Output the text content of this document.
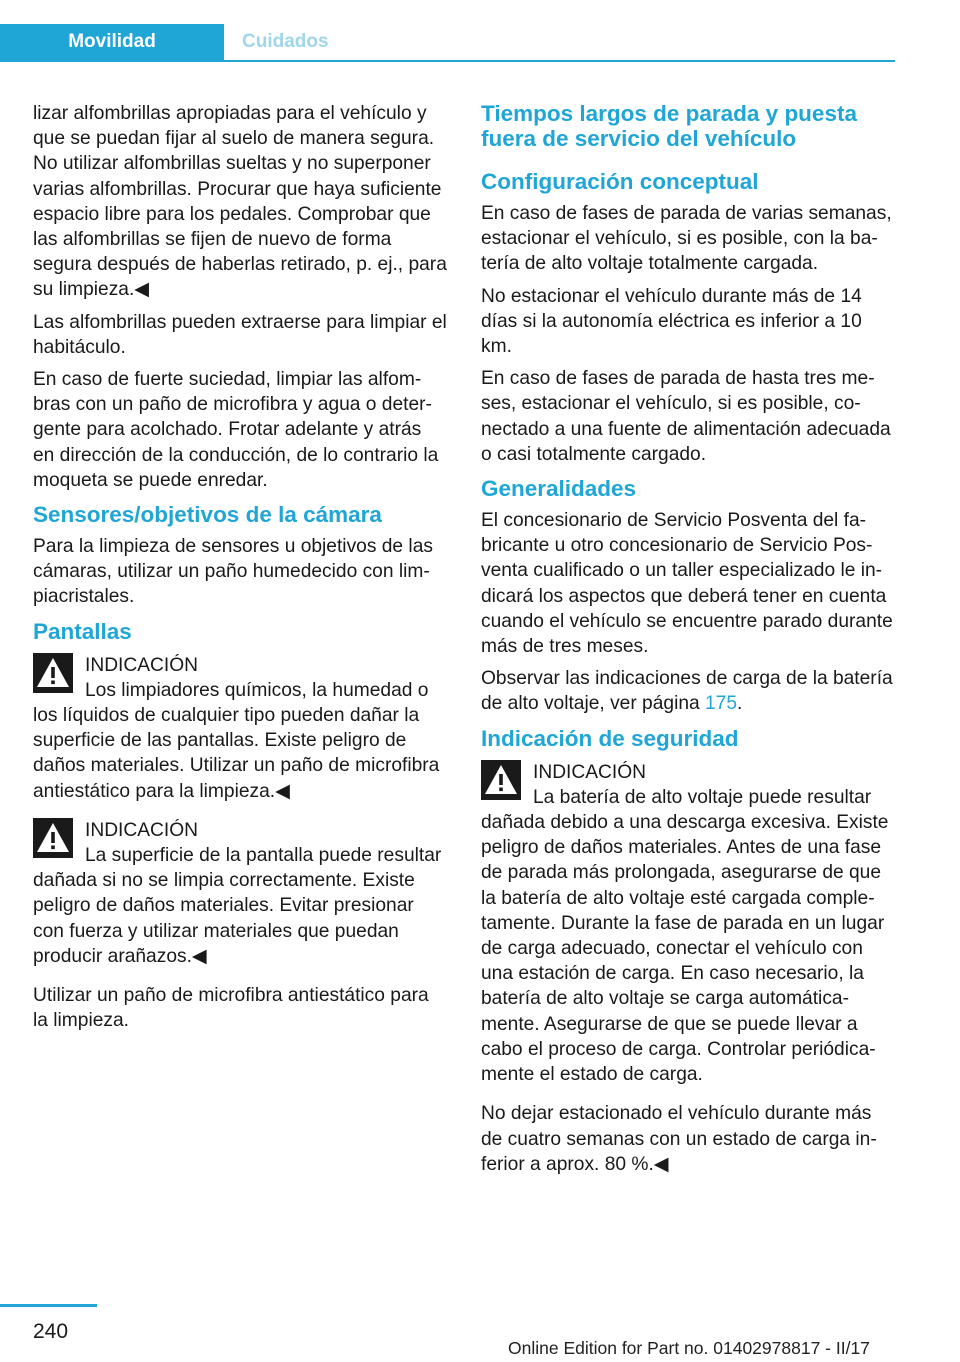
Movilidad	Cuidados

lizar alfombrillas apropiadas para el vehículo y que se puedan fijar al suelo de manera segura. No utilizar alfombrillas sueltas y no superponer varias alfombrillas. Procurar que haya suficiente espacio libre para los pedales. Comprobar que las alfombrillas se fijen de nuevo de forma segura después de haberlas retirado, p. ej., para su limpieza.◀

Las alfombrillas pueden extraerse para limpiar el habitáculo.

En caso de fuerte suciedad, limpiar las alfombras con un paño de microfibra y agua o detergente para acolchado. Frotar adelante y atrás en dirección de la conducción, de lo contrario la moqueta se puede enredar.

Sensores/objetivos de la cámara

Para la limpieza de sensores u objetivos de las cámaras, utilizar un paño humedecido con limpiacristales.

Pantallas
INDICACIÓN
Los limpiadores químicos, la humedad o los líquidos de cualquier tipo pueden dañar la superficie de las pantallas. Existe peligro de daños materiales. Utilizar un paño de microfibra antiestático para la limpieza.◀
INDICACIÓN
La superficie de la pantalla puede resultar dañada si no se limpia correctamente. Existe peligro de daños materiales. Evitar presionar con fuerza y utilizar materiales que puedan producir arañazos.◀

Utilizar un paño de microfibra antiestático para la limpieza.

Tiempos largos de parada y puesta fuera de servicio del vehículo
Configuración conceptual

En caso de fases de parada de varias semanas, estacionar el vehículo, si es posible, con la batería de alto voltaje totalmente cargada.

No estacionar el vehículo durante más de 14 días si la autonomía eléctrica es inferior a 10 km.

En caso de fases de parada de hasta tres meses, estacionar el vehículo, si es posible, conectado a una fuente de alimentación adecuada o casi totalmente cargado.

Generalidades

El concesionario de Servicio Posventa del fabricante u otro concesionario de Servicio Posventa cualificado o un taller especializado le indicará los aspectos que deberá tener en cuenta cuando el vehículo se encuentre parado durante más de tres meses.

Observar las indicaciones de carga de la batería de alto voltaje, ver página 175.

Indicación de seguridad
INDICACIÓN
La batería de alto voltaje puede resultar dañada debido a una descarga excesiva. Existe peligro de daños materiales. Antes de una fase de parada más prolongada, asegurarse de que la batería de alto voltaje esté cargada completamente. Durante la fase de parada en un lugar de carga adecuado, conectar el vehículo con una estación de carga. En caso necesario, la batería de alto voltaje se carga automáticamente. Asegurarse de que se puede llevar a cabo el proceso de carga. Controlar periódicamente el estado de carga.

No dejar estacionado el vehículo durante más de cuatro semanas con un estado de carga inferior a aprox. 80 %.◀

240
Online Edition for Part no. 01402978817 - II/17
